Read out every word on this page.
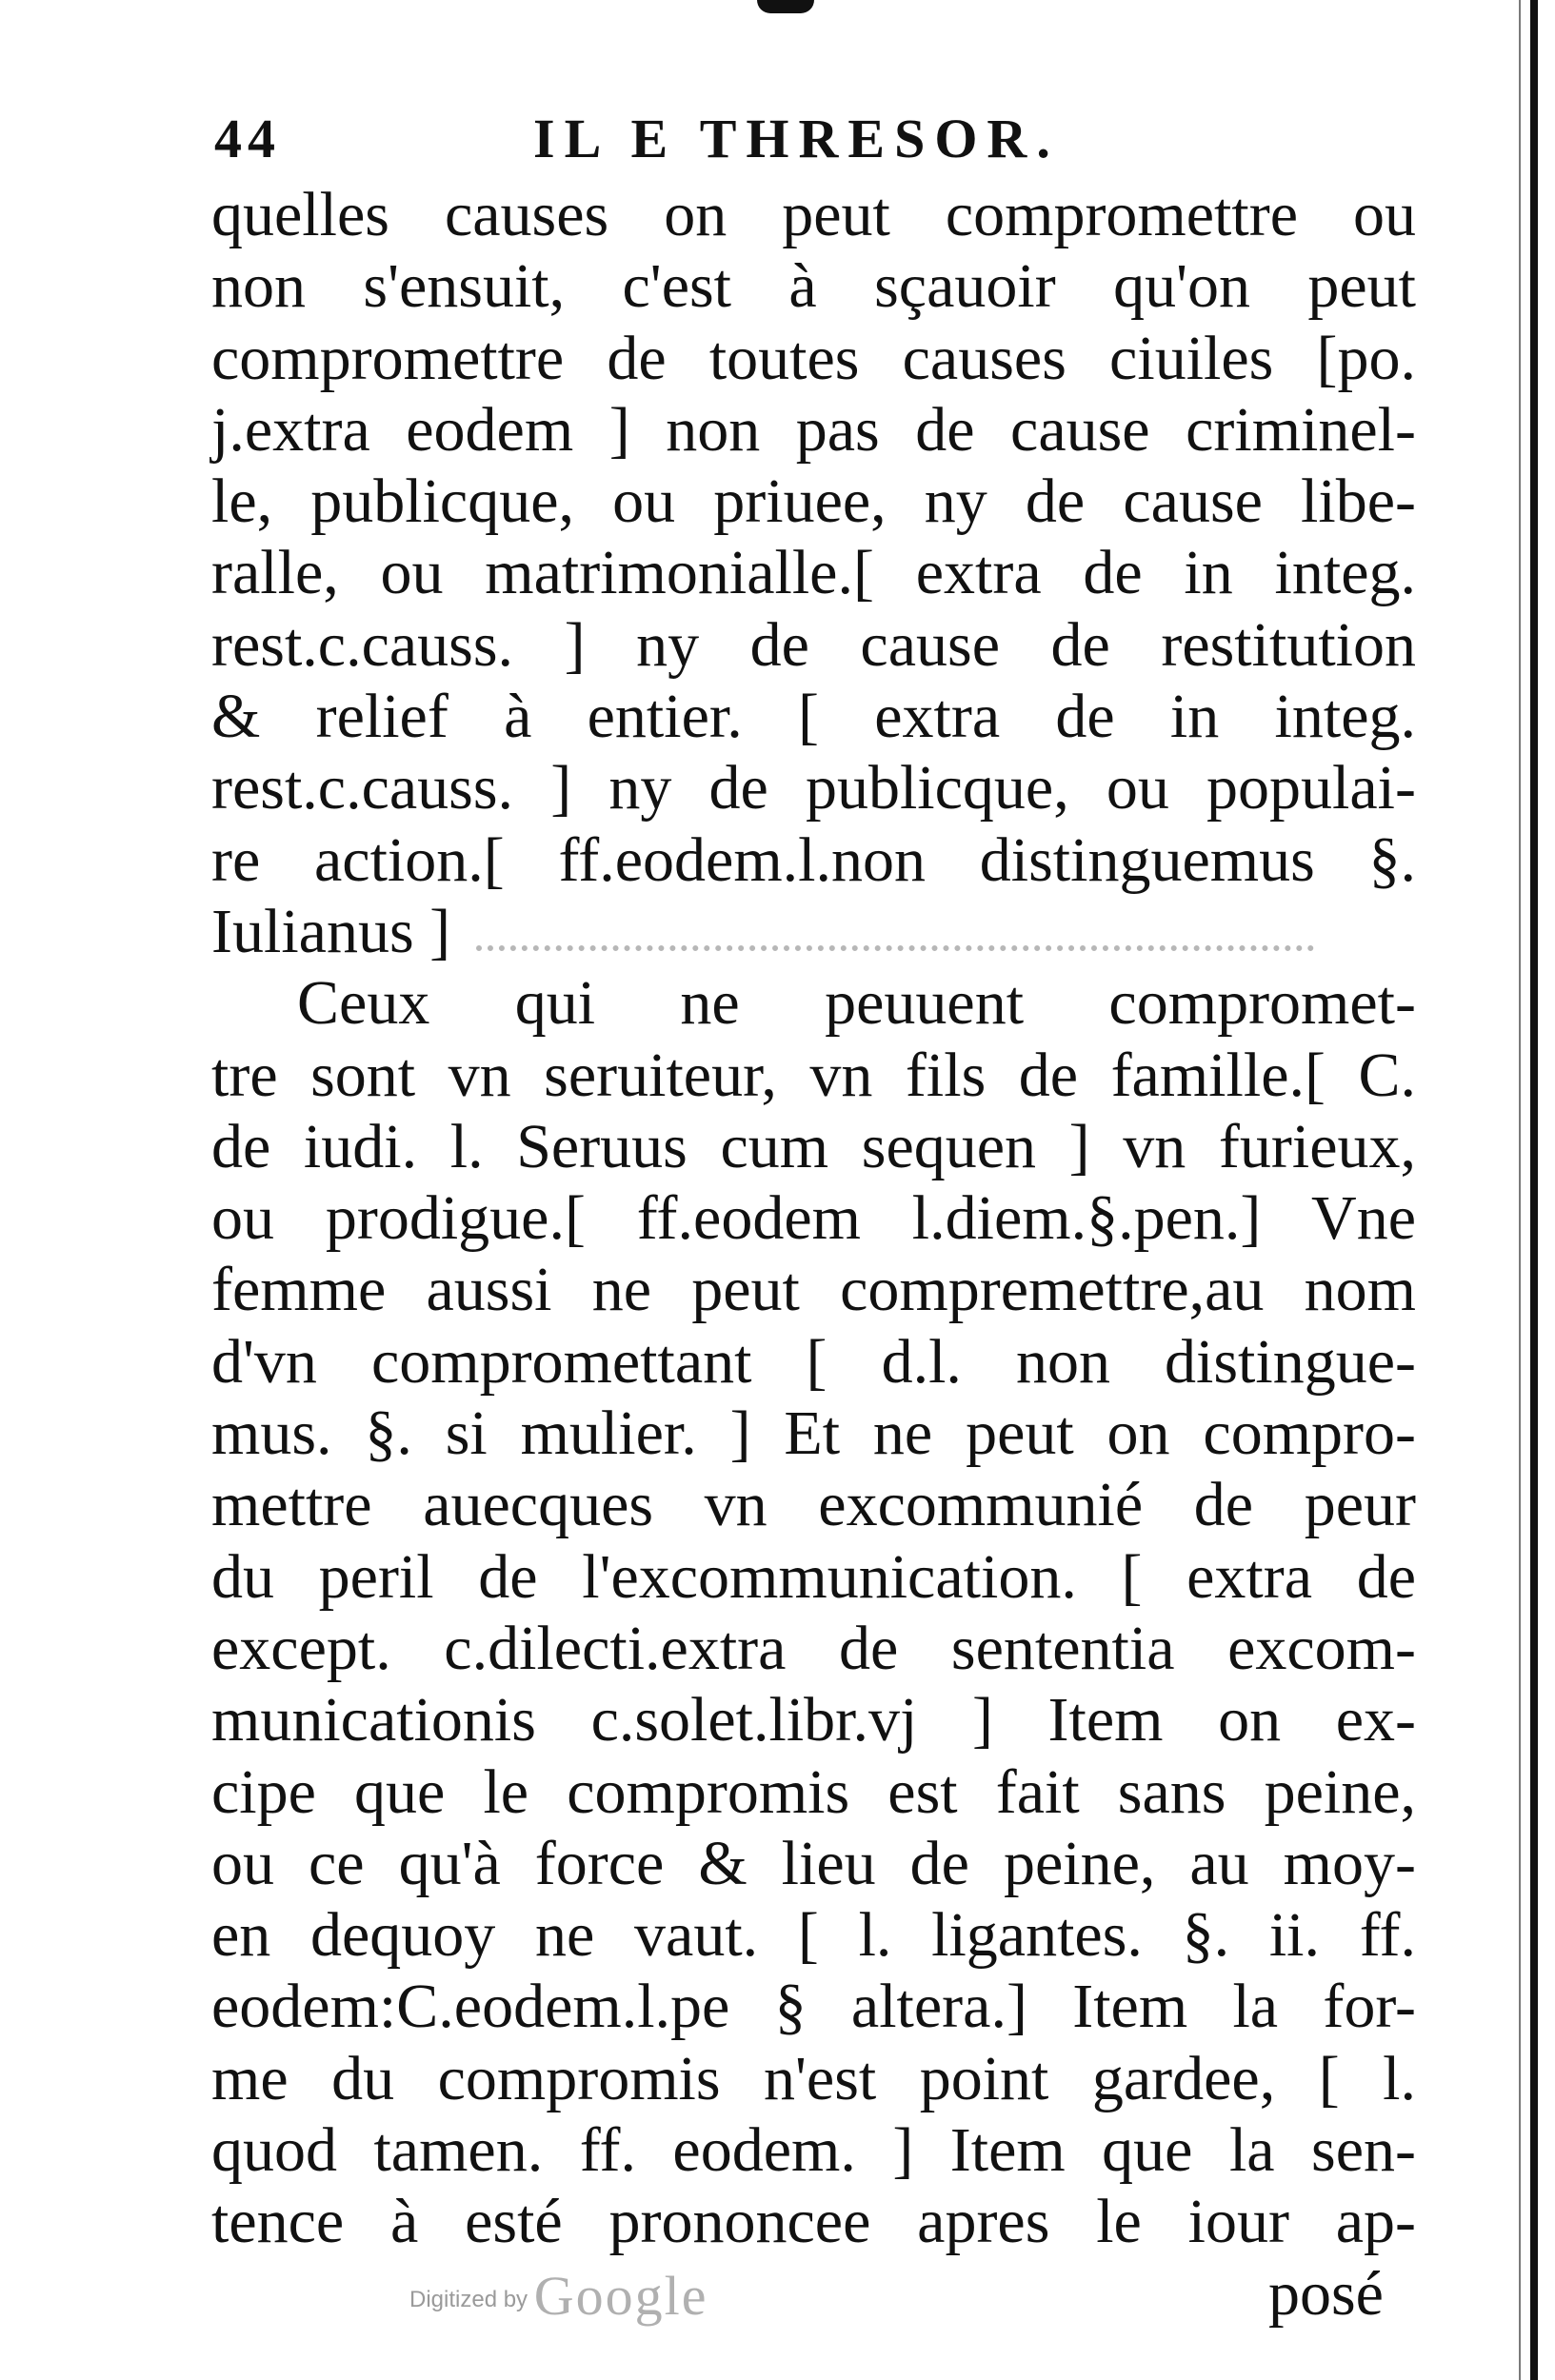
44	IL E THRESOR.
quelles causes on peut compromettre ou
non s'ensuit, c'est à sçauoir qu'on peut
compromettre de toutes causes ciuiles [po.
j.extra eodem ] non pas de cause criminel-
le, publicque, ou priuee, ny de cause libe-
ralle, ou matrimonialle.[ extra de in integ.
rest.c.causs. ] ny de cause de restitution
& relief à entier. [ extra de in integ.
rest.c.causs. ] ny de publicque, ou populai-
re action.[ ff.eodem.l.non distinguemus §.
Iulianus ]
Ceux qui ne peuuent compromet-
tre sont vn seruiteur, vn fils de famille.[ C.
de iudi. l. Seruus cum sequen ] vn furieux,
ou prodigue.[ ff.eodem l.diem.§.pen.] Vne
femme aussi ne peut compremettre,au nom
d'vn compromettant [ d.l. non distingue-
mus. §. si mulier. ] Et ne peut on compro-
mettre auecques vn excommunié de peur
du peril de l'excommunication. [ extra de
except. c.dilecti.extra de sententia excom-
municationis c.solet.libr.vj ] Item on ex-
cipe que le compromis est fait sans peine,
ou ce qu'à force & lieu de peine, au moy-
en dequoy ne vaut. [ l. ligantes. §. ii. ff.
eodem:C.eodem.l.pe § altera.] Item la for-
me du compromis n'est point gardee, [ l.
quod tamen. ff. eodem. ] Item que la sen-
tence à esté prononcee apres le iour ap-
posé
Digitized by Google
